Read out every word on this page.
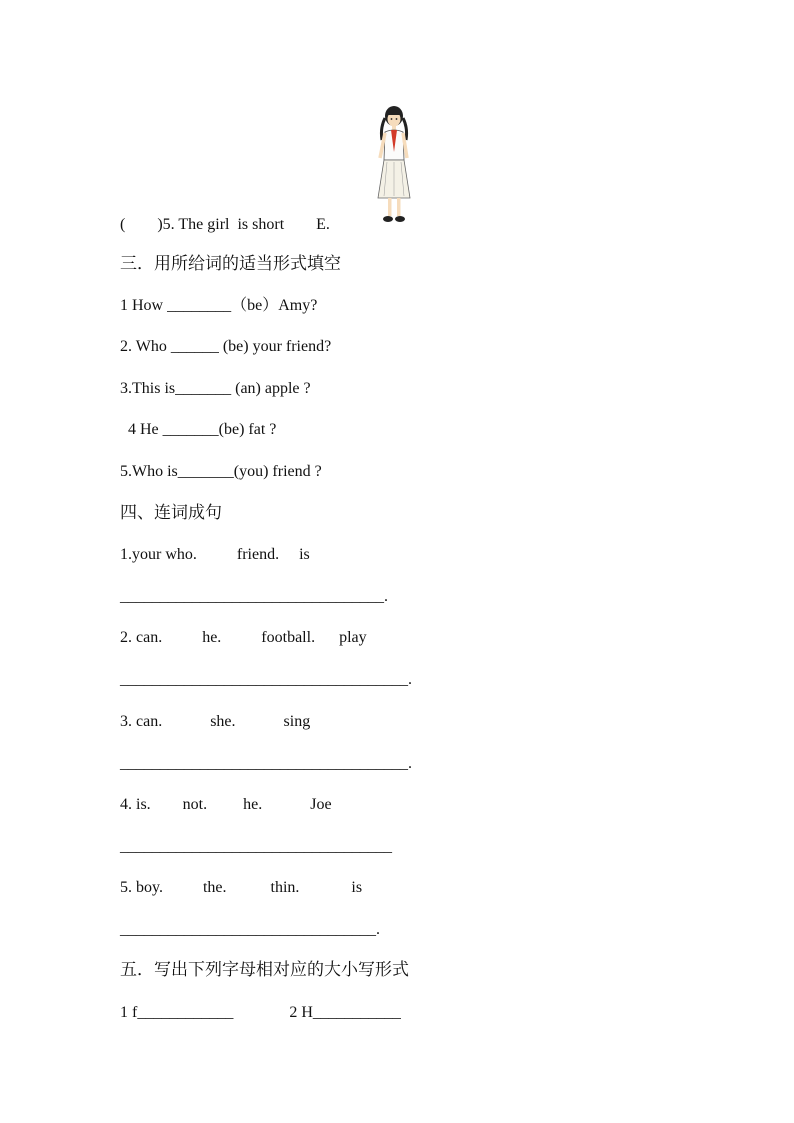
(        )5. The girl  is short        E.
三．用所给词的适当形式填空
1 How ________（be）Amy?
2. Who ______ (be) your friend?
3.This is_______ (an) apple ?
4 He _______(be) fat ?
5.Who is_______(you) friend ?
四、连词成句
1.your who.          friend.     is
_________________________________.
2. can.          he.          football.      play
____________________________________.
3. can.            she.            sing
____________________________________.
4. is.        not.         he.            Joe
__________________________________
5. boy.          the.           thin.             is
________________________________.
五．写出下列字母相对应的大小写形式
1 f____________              2 H___________
